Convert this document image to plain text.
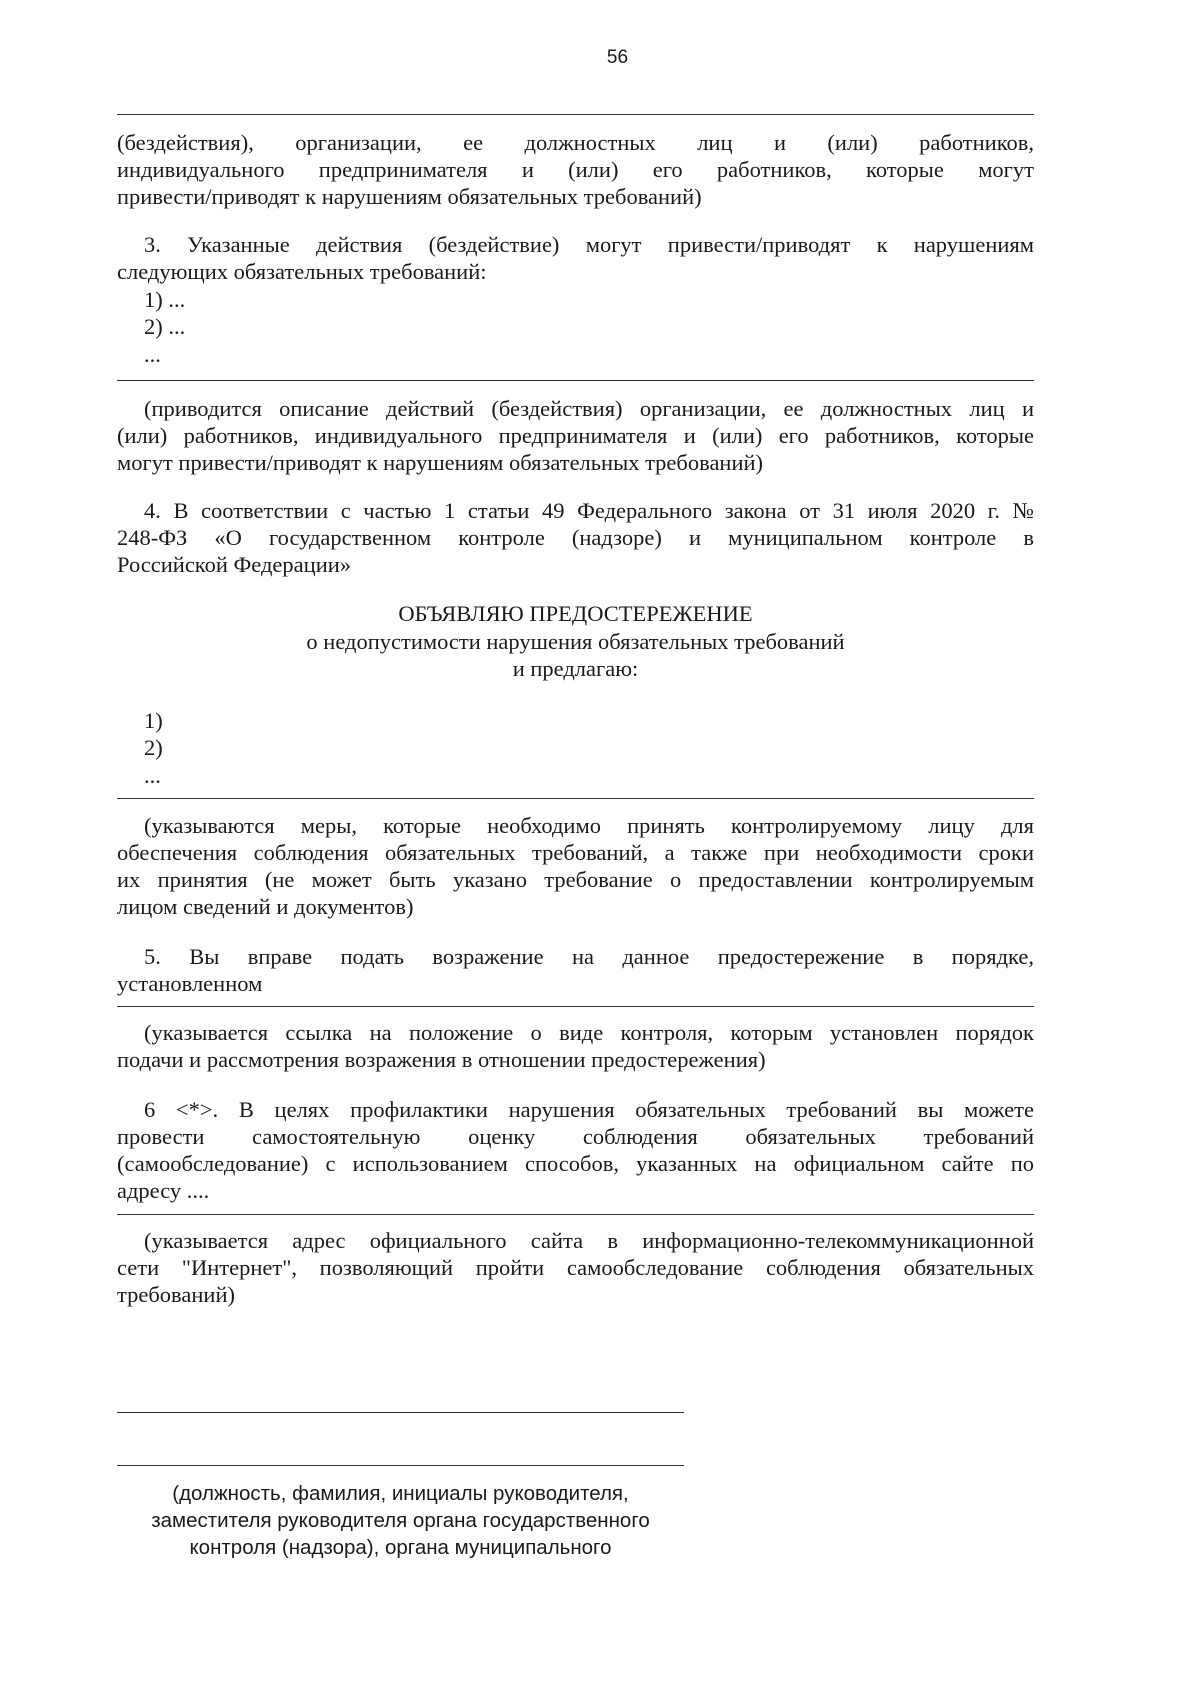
56
(бездействия), организации, ее должностных лиц и (или) работников,
индивидуального предпринимателя и (или) его работников, которые могут
привести/приводят к нарушениям обязательных требований)
3. Указанные действия (бездействие) могут привести/приводят к нарушениям
следующих обязательных требований:
1) ...
2) ...
...
(приводится описание действий (бездействия) организации, ее должностных лиц и
(или) работников, индивидуального предпринимателя и (или) его работников, которые
могут привести/приводят к нарушениям обязательных требований)
4. В соответствии с частью 1 статьи 49 Федерального закона от 31 июля 2020 г. №
248-ФЗ «О государственном контроле (надзоре) и муниципальном контроле в
Российской Федерации»
ОБЪЯВЛЯЮ ПРЕДОСТЕРЕЖЕНИЕ
о недопустимости нарушения обязательных требований
и предлагаю:
1)
2)
...
(указываются меры, которые необходимо принять контролируемому лицу для
обеспечения соблюдения обязательных требований, а также при необходимости сроки
их принятия (не может быть указано требование о предоставлении контролируемым
лицом сведений и документов)
5. Вы вправе подать возражение на данное предостережение в порядке,
установленном
(указывается ссылка на положение о виде контроля, которым установлен порядок
подачи и рассмотрения возражения в отношении предостережения)
6 <*>. В целях профилактики нарушения обязательных требований вы можете
провести самостоятельную оценку соблюдения обязательных требований
(самообследование) с использованием способов, указанных на официальном сайте по
адресу ....
(указывается адрес официального сайта в информационно-телекоммуникационной
сети "Интернет", позволяющий пройти самообследование соблюдения обязательных
требований)
(должность, фамилия, инициалы руководителя,
заместителя руководителя органа государственного
контроля (надзора), органа муниципального
